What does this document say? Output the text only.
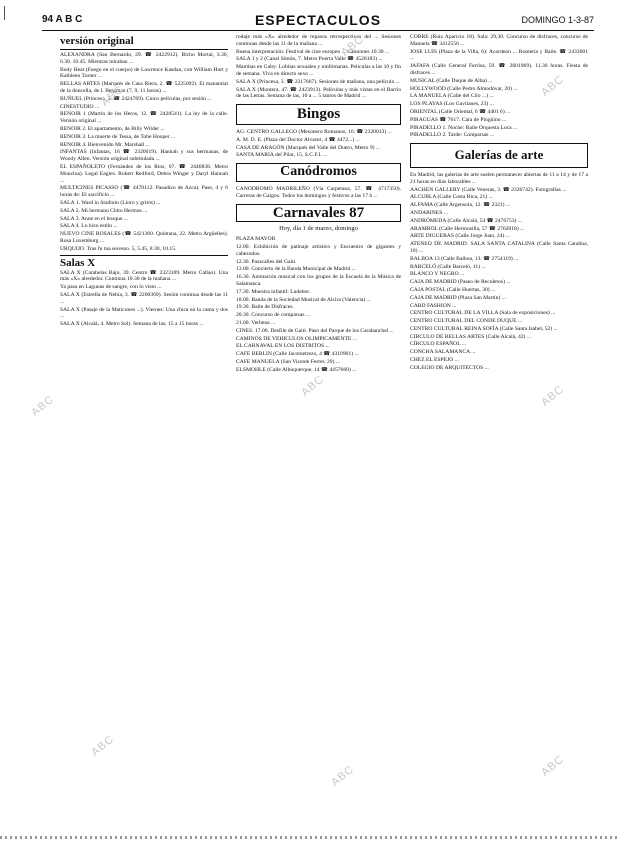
94 A B C	ESPECTACULOS	DOMINGO 1-3-87
versión original

ALEXANDRA (San Bernardo, 29. ☎ 2422912). Bicho Mortal, 3.30, 6.30. 10.45. Mientras miraban ...

Body Heat (Fuego en el cuerpo) de Lawrence Kasdan, con William Hurt y Kathleen Turner ...

BELLAS ARTES (Marqués de Casa Riera, 2. ☎ 5225092). El manantial de la doncella, de I. Bergman (7, 9, 11 horas) ...

BUÑUEL (Princesa, 3. ☎ 2424769). Cinco películas, por sesión ...

CINESTUDIO ...

RENOIR 1 (Martín de los Heros, 12. ☎ 2428541). La ley de la calle. Versión original ...

RENOIR 2. El apartamento, de Billy Wilder ...

RENOIR 3. La muerte de Tessa, de Tobe Hooper ...

RENOIR 4. Bienvenido Mr. Marshall ...

INFANTAS (Infantas, 16 ☎ 2320019). Hannah y sus hermanas, de Woody Allen. Versión original subtitulada ...

EL ESPAÑOLETO (Fernández de los Ríos, 67. ☎ 2446838. Metro Moncloa). Legal Eagles. Robert Redford, Debra Winger y Daryl Hannah ...

MULTICINES PICASSO (☎ 4478112. Pasadizo de Azca). Pase, 4 y 6 horas de: El sacrificio ...

SALA 1. Ward in Stadium (Lloro y gritos) ...

SALA 2. Mi hermano Chito Hermos ...

SALA 3. Anne en el bosque ...

SALA 4. Lo hizo estilo ...

NUEVO CINE ROSALES (☎ 5421360. Quintana, 22. Metro Argüelles). Rosa Luxemburg ...

URQUIJO. Tras fu tua secesso. 5, 5.45, 8.30, 10.15.

Salas X

SALA X (Carabelas Bajo, 39. Centro ☎ 2323109. Metro Callao). Una más «X» alrededor. Continua 10.30 de la mañana ...

Ya pasa en Lagunas de sangre, con lo visto ...

SALA X (Estrella de Nebia, 3. ☎ 2200369). Sesión continua desde las 11 ...

SALA X (Pasaje de la Maticones ...). Viernes: Una chica en la cama y dos ...

SALA X (Alcalá, 4. Metro Sol). Semana de las, 15 a 15 horas ...

rodaje más «X» alrededor de repasos retrospectivos del ... Sesiones continuas desde las 11 de la mañana ...

Buena interpretación: Festival de cine europeo ... Camiones 10.30 ...

SALA 1 y 2 (Canal Simón, 7. Metro Puerta Valle ☎ 4520183) ...

Mamitas en Gaby: Lobitas sexuales y ninfómanas. Películas a las 10 y fin de semana. Viva en directo sexo ...

SALA X (Princesa, 3. ☎ 2317667). Sesiones de mañana, una película ...

SALA X (Montera, 47. ☎ 2423913). Películas y más vistas en el Barrio de las Letras. Semana de las, 10 a ... 5 tantos de Madrid ...

Bingos

AG. CENTRO GALLEGO (Mesonero Romanos, 16. ☎ 2320013) ...

A. M. D. E. (Plaza del Doctor Alvarez, 4 ☎ 4472...) ...

CASA DE ARAGÓN (Marqués del Valle del Duero, Metro 9) ...

SANTA MARIA del Pilar, 15, S.C.F.I. ...

Canódromos

CANODROMO MADRILEÑO (Vía Carpetana, 57. ☎ 4717350). Carreras de Galgos. Todos los domingos y festivos a las 17 h ...

Carnavales 87
Hoy, día 1 de marzo, domingo

PLAZA MAYOR

12.00. Exhibición de patinaje artístico y Encuentro de gigantes y cabezudos.

12.30. Pasacalles del Gaiti.

13.00. Concierto de la Banda Municipal de Madrid ...

16.30. Animación musical con los grupos de la Escuela de la Música de Salamanca.

17.30. Muestra infantil: Ludebor.

18.00. Banda de la Sociedad Musical de Alcira (Valencia) ...

19.30. Baile de Disfraces.

20.30. Concurso de comparsas ...

21.00. Verbena ...

CINES. 17.00. Desfile de Gaiti. Paso del Parque de los Carabanchel ...

CAMINOS DE VEHICULOS OLIMPICAMENTE ...

EL CARNAVAL EN LOS DISTRITOS ...

CAFE BERLIN (Calle Jacometrezo, 4 ☎ 4310901) ...

CAFE MANUELA (San Vicente Ferrer, 29) ...

ELSMOHLE (Calle Albuquerque, 14 ☎ 4457660) ...

COBRE (Ruiz Aparicio 18). Sala: 29,30. Concurso de disfraces, concurso de Manuela ☎ 3412556 ...

JOSE LUIS (Plaza de la Villa, 6): Acordeón ... Romería y Baile. ☎ 2433601 ...

JAFAFA (Calle General Ferrisa, 59. ☎ 2601969). 11.30 horas. Fiesta de disfraces ...

MUSICAL (Calle Duque de Alba) ...

HOLLYWOOD (Calle Pedro Almodóvar, 20) ...

LA MANUELA (Calle del Cilo ...) ...

LOS PLAYAS (Los Gavilanes, 23) ...

ORIENTAL (Calle Oriental, 6 ☎ 4401 6) ...

PIRAGUAS ☎ 7617. Cara de Pingüino ...

PIRADELLO 1. Noche: Baile Orquesta Loca ...

PIRADELLO 2. Tarde: Comparsas ...

Galerías de arte

En Madrid, las galerías de arte suelen permanecer abiertas de 11 a 14 y de 17 a 21 horas en días laborables ...

AACHEN GALLERY (Calle Veneras, 3. ☎ 2326742). Fotografías ...

ALCUBLA (Calle Costa Rica, 21) ...

ALFAMA (Calle Argensola, 12. ☎ 2321) ...

ANDARINES ...

ANDRÓMEDA (Calle Alcalá, 54 ☎ 2476753) ...

ARAMBOL (Calle Hermosilla, 57 ☎ 2762818) ...

ARTE DIGUERAS (Calle Jorge Juan, 24) ...

ATENEO DE MADRID. SALA SANTA CATALINA (Calle Santa Catalina, 10) ...

BALBOA 13 (Calle Balboa, 13. ☎ 2754119) ...

BARCELÓ (Calle Barceló, 11) ...

BLANCO Y NEGRO ...

CAJA DE MADRID (Paseo de Recoletos) ...

CAJA POSTAL (Calle Huertas, 30) ...

CAJA DE MADRID (Plaza San Martín) ...

CARD FASHION ...

CENTRO CULTURAL DE LA VILLA (Sala de exposiciones) ...

CENTRO CULTURAL DEL CONDE DUQUE ...

CENTRO CULTURAL REINA SOFÍA (Calle Santa Isabel, 52) ...

CIRCULO DE BELLAS ARTES (Calle Alcalá, 42) ...

CÍRCULO ESPAÑOL ...

CONCHA SALAMANCA ...

CHEZ EL ESPEJO ...

COLEGIO DE ARQUITECTOS ...

ABC
ABC
ABC
ABC
ABC	ABC
ABC
ABC	ABC
